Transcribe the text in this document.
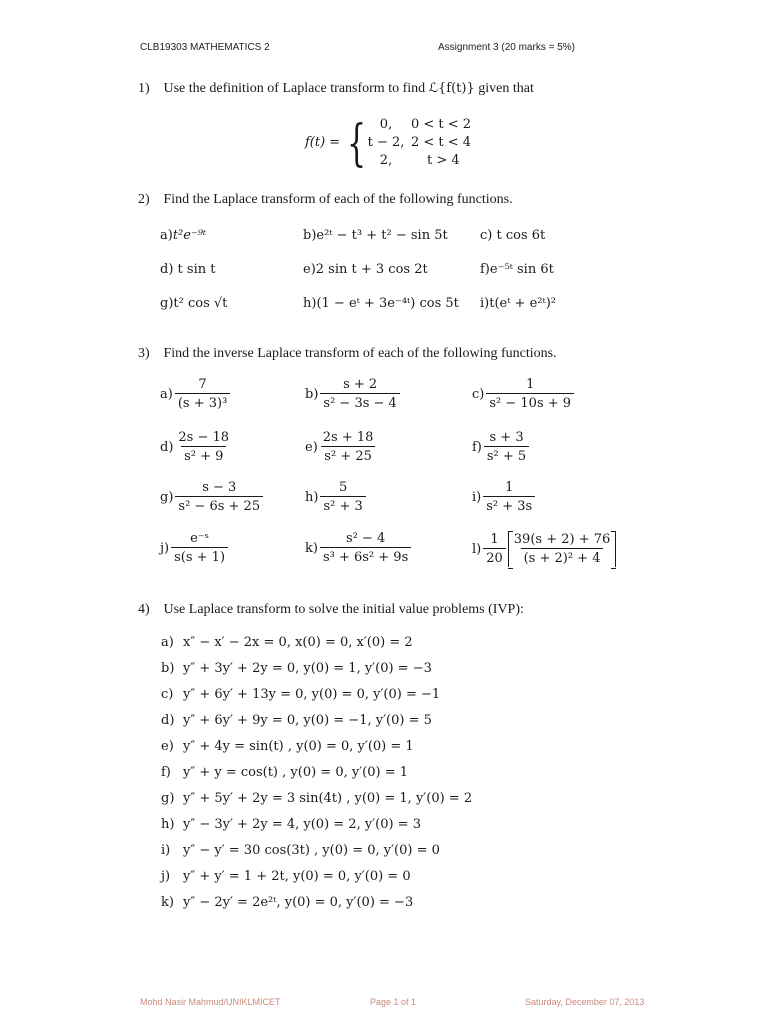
CLB19303 MATHEMATICS 2	Assignment 3 (20 marks = 5%)
1) Use the definition of Laplace transform to find ℒ{f(t)} given that
f(t) = {	0, 0 < t < 2
t − 2, 2 < t < 4
2,	t > 4
2) Find the Laplace transform of each of the following functions.
a)t²e⁻⁹ᵗ	b)e²ᵗ − t³ + t² − sin 5t c) t cos 6t
d) t sin t	e)2 sin t + 3 cos 2t	f)e⁻⁵ᵗ sin 6t
g)t² cos √t	h)(1 − eᵗ + 3e⁻⁴ᵗ) cos 5t i)t(eᵗ + e²ᵗ)²
3) Find the inverse Laplace transform of each of the following functions.
$a) \frac{7}{\text{(s + 3)³}}$	$b) \frac{s + 2}{\text{s² − 3s − 4}}$	$c) \frac{1}{\text{s² − 10s + 9}}$
$d) \frac{2s - 18}{\text{s² + 9}}$	$e) \frac{2s + 18}{\text{s² + 25}}$	$f) \frac{s + 3}{\text{s² + 5}}$
$g) \frac{s - 3}{\text{s² − 6s + 25}}$	$h) \frac{5}{\text{s² + 3}}$	$i) \frac{1}{\text{s² + 3s}}$
$j) \frac{\text{e⁻ˢ}}{s(s + 1)}$	$k) \frac{\text{s² − 4}}{\text{s³ + 6s² + 9s}}$	$l) \frac{1}{20} \frac{39(s + 2) + 76}{\text{(s + 2)² + 4}}$
4) Use Laplace transform to solve the initial value problems (IVP):
a) x″ − x′ − 2x = 0, x(0) = 0, x′(0) = 2
b) y″ + 3y′ + 2y = 0, y(0) = 1, y′(0) = −3
c) y″ + 6y′ + 13y = 0, y(0) = 0, y′(0) = −1
d) y″ + 6y′ + 9y = 0, y(0) = −1, y′(0) = 5
e) y″ + 4y = sin(t) , y(0) = 0, y′(0) = 1
f) y″ + y = cos(t) , y(0) = 0, y′(0) = 1
g) y″ + 5y′ + 2y = 3 sin(4t) , y(0) = 1, y′(0) = 2
h) y″ − 3y′ + 2y = 4, y(0) = 2, y′(0) = 3
i) y″ − y′ = 30 cos(3t) , y(0) = 0, y′(0) = 0
j) y″ + y′ = 1 + 2t, y(0) = 0, y′(0) = 0
k) y″ − 2y′ = 2e²ᵗ, y(0) = 0, y′(0) = −3
Mohd Nasir Mahmud/UNIKLMICET	Page 1 of 1	Saturday, December 07, 2013
